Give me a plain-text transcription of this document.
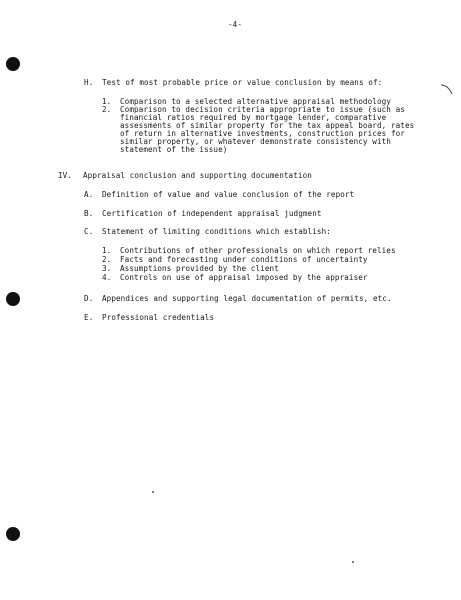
-4-
H. Test of most probable price or value conclusion by means of:
1. Comparison to a selected alternative appraisal methodology
2. Comparison to decision criteria appropriate to issue (such as
financial ratios required by mortgage lender, comparative
assessments of similar property for the tax appeal board, rates
of return in alternative investments, construction prices for
similar property, or whatever demonstrate consistency with
statement of the issue)
IV. Appraisal conclusion and supporting documentation
A. Definition of value and value conclusion of the report
B. Certification of independent appraisal judgment
C. Statement of limiting conditions which establish:
1. Contributions of other professionals on which report relies
2. Facts and forecasting under conditions of uncertainty
3. Assumptions provided by the client
4. Controls on use of appraisal imposed by the appraiser
D. Appendices and supporting legal documentation of permits, etc.
E. Professional credentials
